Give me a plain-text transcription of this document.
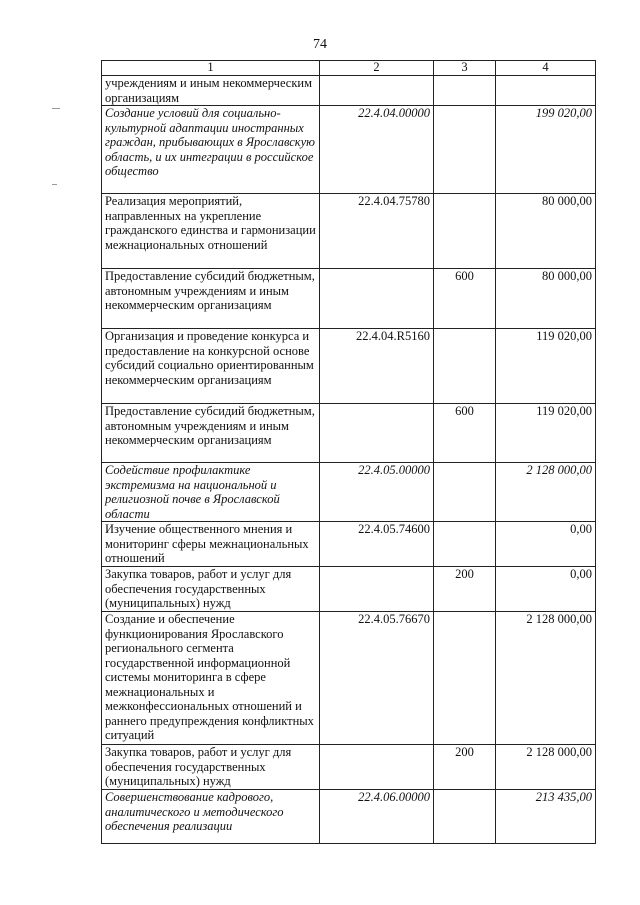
74
1	2	3	4
учреждениям и иным некоммерческим организациям			
Создание условий для социально-культурной адаптации иностранных граждан, прибывающих в Ярославскую область, и их интеграции в российское общество	22.4.04.00000		199 020,00
Реализация мероприятий, направленных на укрепление гражданского единства и гармонизации межнациональных отношений	22.4.04.75780		80 000,00
Предоставление субсидий бюджетным, автономным учреждениям и иным некоммерческим организациям		600	80 000,00
Организация и проведение конкурса и предоставление на конкурсной основе субсидий социально ориентированным некоммерческим организациям	22.4.04.R5160		119 020,00
Предоставление субсидий бюджетным, автономным учреждениям и иным некоммерческим организациям		600	119 020,00
Содействие профилактике экстремизма на национальной и религиозной почве в Ярославской области	22.4.05.00000		2 128 000,00
Изучение общественного мнения и мониторинг сферы межнациональных отношений	22.4.05.74600		0,00
Закупка товаров, работ и услуг для обеспечения государственных (муниципальных) нужд		200	0,00
Создание и обеспечение функционирования Ярославского регионального сегмента государственной информационной системы мониторинга в сфере межнациональных и межконфессиональных отношений и раннего предупреждения конфликтных ситуаций	22.4.05.76670		2 128 000,00
Закупка товаров, работ и услуг для обеспечения государственных (муниципальных) нужд		200	2 128 000,00
Совершенствование кадрового, аналитического и методического обеспечения реализации	22.4.06.00000		213 435,00
